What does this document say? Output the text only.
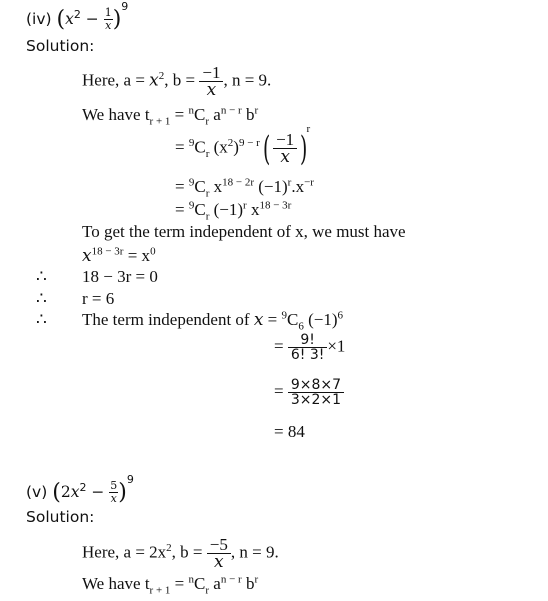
(iv) $(x^2 - \frac{1}{x} )^9$
Solution:
Here, $a = x^2$, $b = \frac{-1}{x}$ , n = 9.
We have $t_{r + 1} = ^nC_r$ $a^{n - r}$ $b^r$
= $^9C_r$ $(x^2)^{9 - r}( \frac{-1}{x} )^r$
= $^9C_r$ $x^{18 - 2r}$ $(-1)^r.x^{-r}$
= $^9C_r$ $(-1)^r$ $x^{18 - 3r}$
To get the term independent of x, we must have
$x^{18 - 3r} = x^0$
∴ 18 − 3r = 0
∴ r = 6
∴ The term independent of $x = ^9C_6$ $(-1)^6$
= $\frac{9!}{6! 3!} \times 1$
= $\frac{9\times 8\times 7}{3\times 2\times 1}$
= 84
(v) $(2x^2 - \frac{5}{x} )^9$
Solution:
Here, $a = 2x^2$, $b = \frac{-5}{x}$ , n = 9.
We have $t_{r + 1} = ^nC_r$ $a^{n - r}$ $b^r$
